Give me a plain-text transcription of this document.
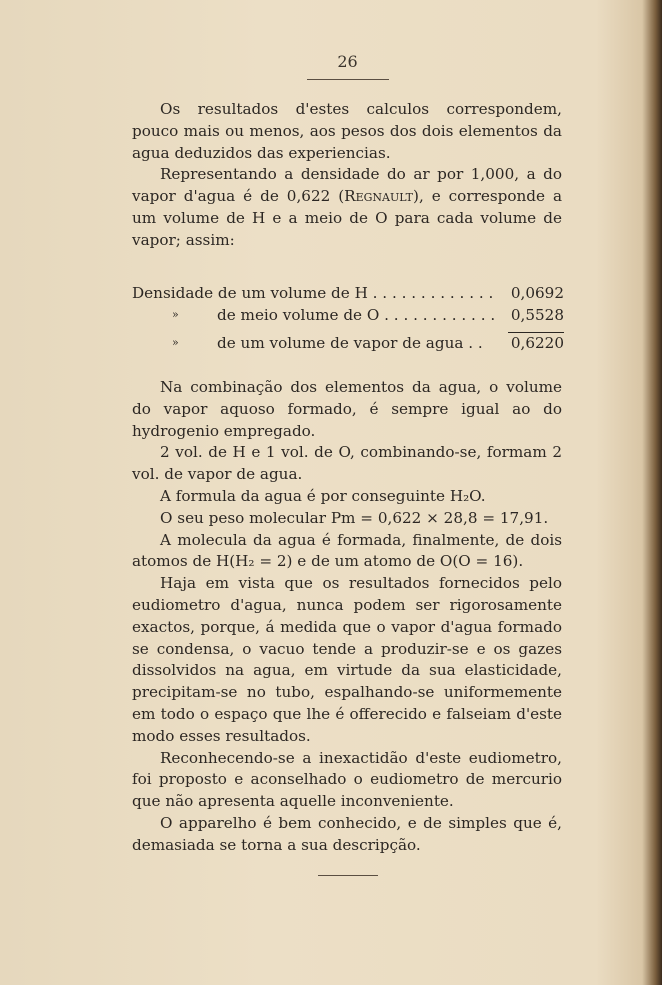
26

Os resultados d'estes calculos correspondem, pouco mais ou menos, aos pesos dos dois elementos da agua deduzidos das experiencias.

Representando a densidade do ar por 1,000, a do vapor d'agua é de 0,622 (Regnault), e corresponde a um volume de H e a meio de O para cada volume de vapor; assim:

Densidade de um volume de H . . . . . . . . . . . . . 0,0692
»	de meio volume de O . . . . . . . . . . . . 0,5528
»	de um volume de vapor de agua . . 0,6220

Na combinação dos elementos da agua, o volume do vapor aquoso formado, é sempre igual ao do hydrogenio empregado.

2 vol. de H e 1 vol. de O, combinando-se, formam 2 vol. de vapor de agua.

A formula da agua é por conseguinte H₂O.

O seu peso molecular Pm = 0,622 × 28,8 = 17,91.

A molecula da agua é formada, finalmente, de dois atomos de H(H₂ = 2) e de um atomo de O(O = 16).

Haja em vista que os resultados fornecidos pelo eudiometro d'agua, nunca podem ser rigorosamente exactos, porque, á medida que o vapor d'agua formado se condensa, o vacuo tende a produzir-se e os gazes dissolvidos na agua, em virtude da sua elasticidade, precipitam-se no tubo, espalhando-se uniformemente em todo o espaço que lhe é offerecido e falseiam d'este modo esses resultados.

Reconhecendo-se a inexactidão d'este eudiometro, foi proposto e aconselhado o eudiometro de mercurio que não apresenta aquelle inconveniente.

O apparelho é bem conhecido, e de simples que é, demasiada se torna a sua descripção.
